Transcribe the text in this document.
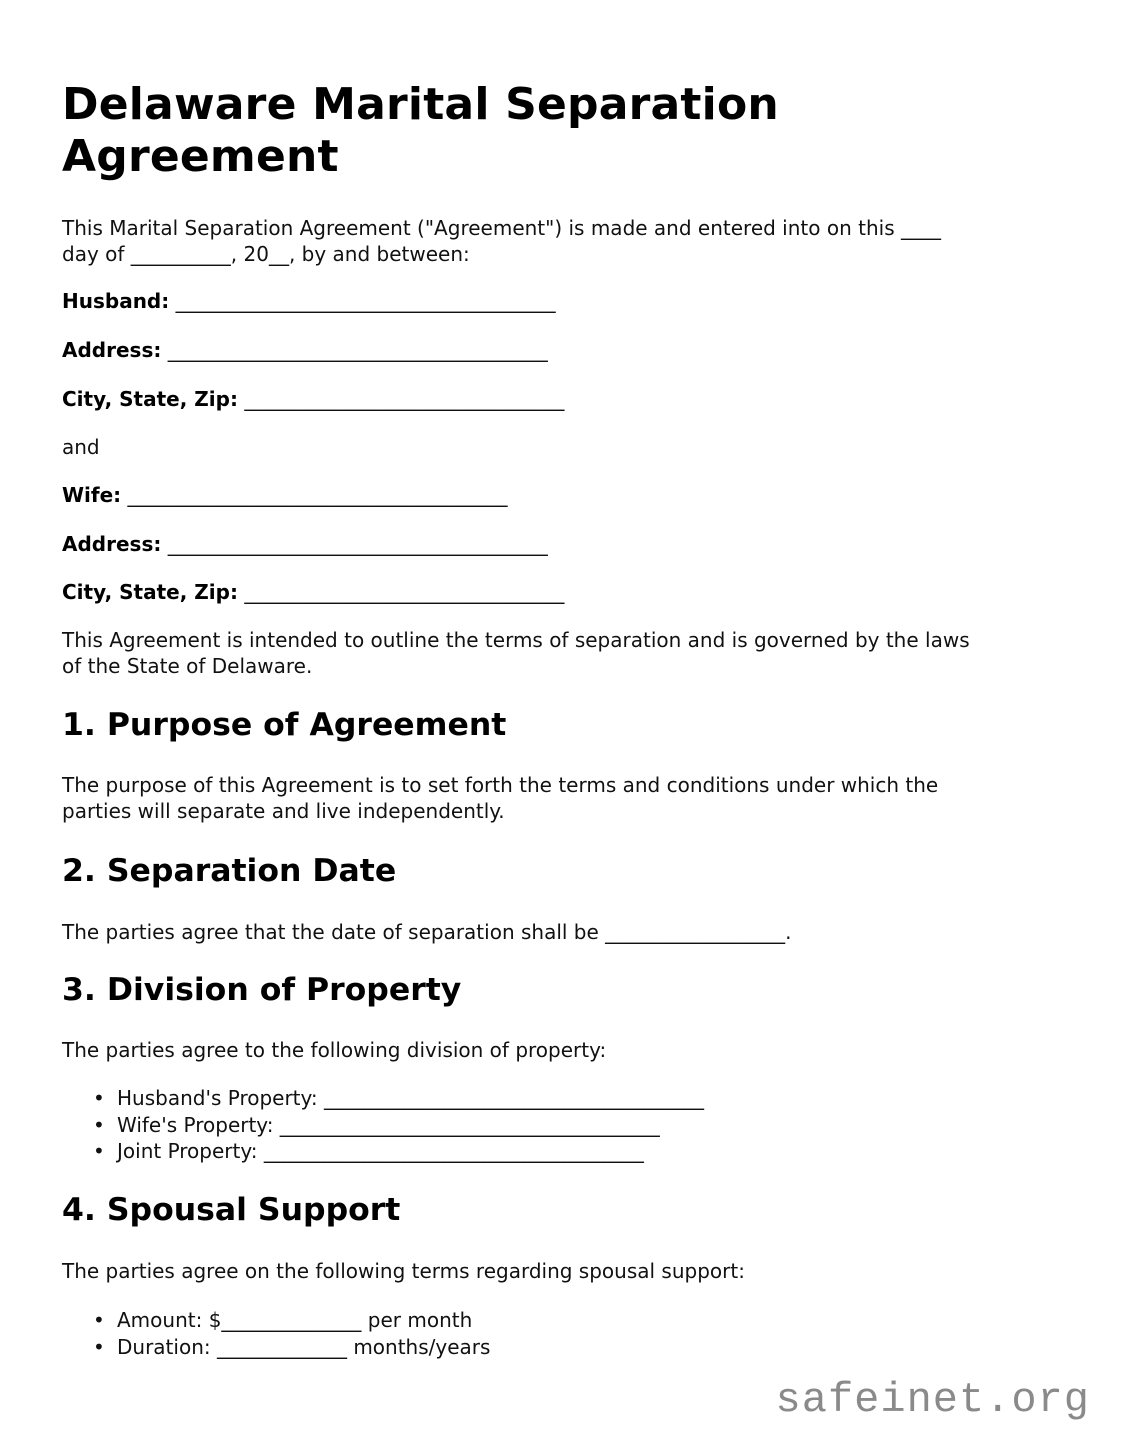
Delaware Marital Separation
Agreement

This Marital Separation Agreement ("Agreement") is made and entered into on this ____
day of __________, 20__, by and between:

Husband: ______________________________________
Address: ______________________________________
City, State, Zip: ________________________________

and

Wife: ______________________________________
Address: ______________________________________
City, State, Zip: ________________________________

This Agreement is intended to outline the terms of separation and is governed by the laws
of the State of Delaware.

1. Purpose of Agreement

The purpose of this Agreement is to set forth the terms and conditions under which the
parties will separate and live independently.

2. Separation Date

The parties agree that the date of separation shall be __________________.

3. Division of Property

The parties agree to the following division of property:

• Husband's Property: ______________________________________
• Wife's Property: ______________________________________
• Joint Property: ______________________________________
4. Spousal Support

The parties agree on the following terms regarding spousal support:

• Amount: $______________ per month
• Duration: _____________ months/years
safeinet.org
